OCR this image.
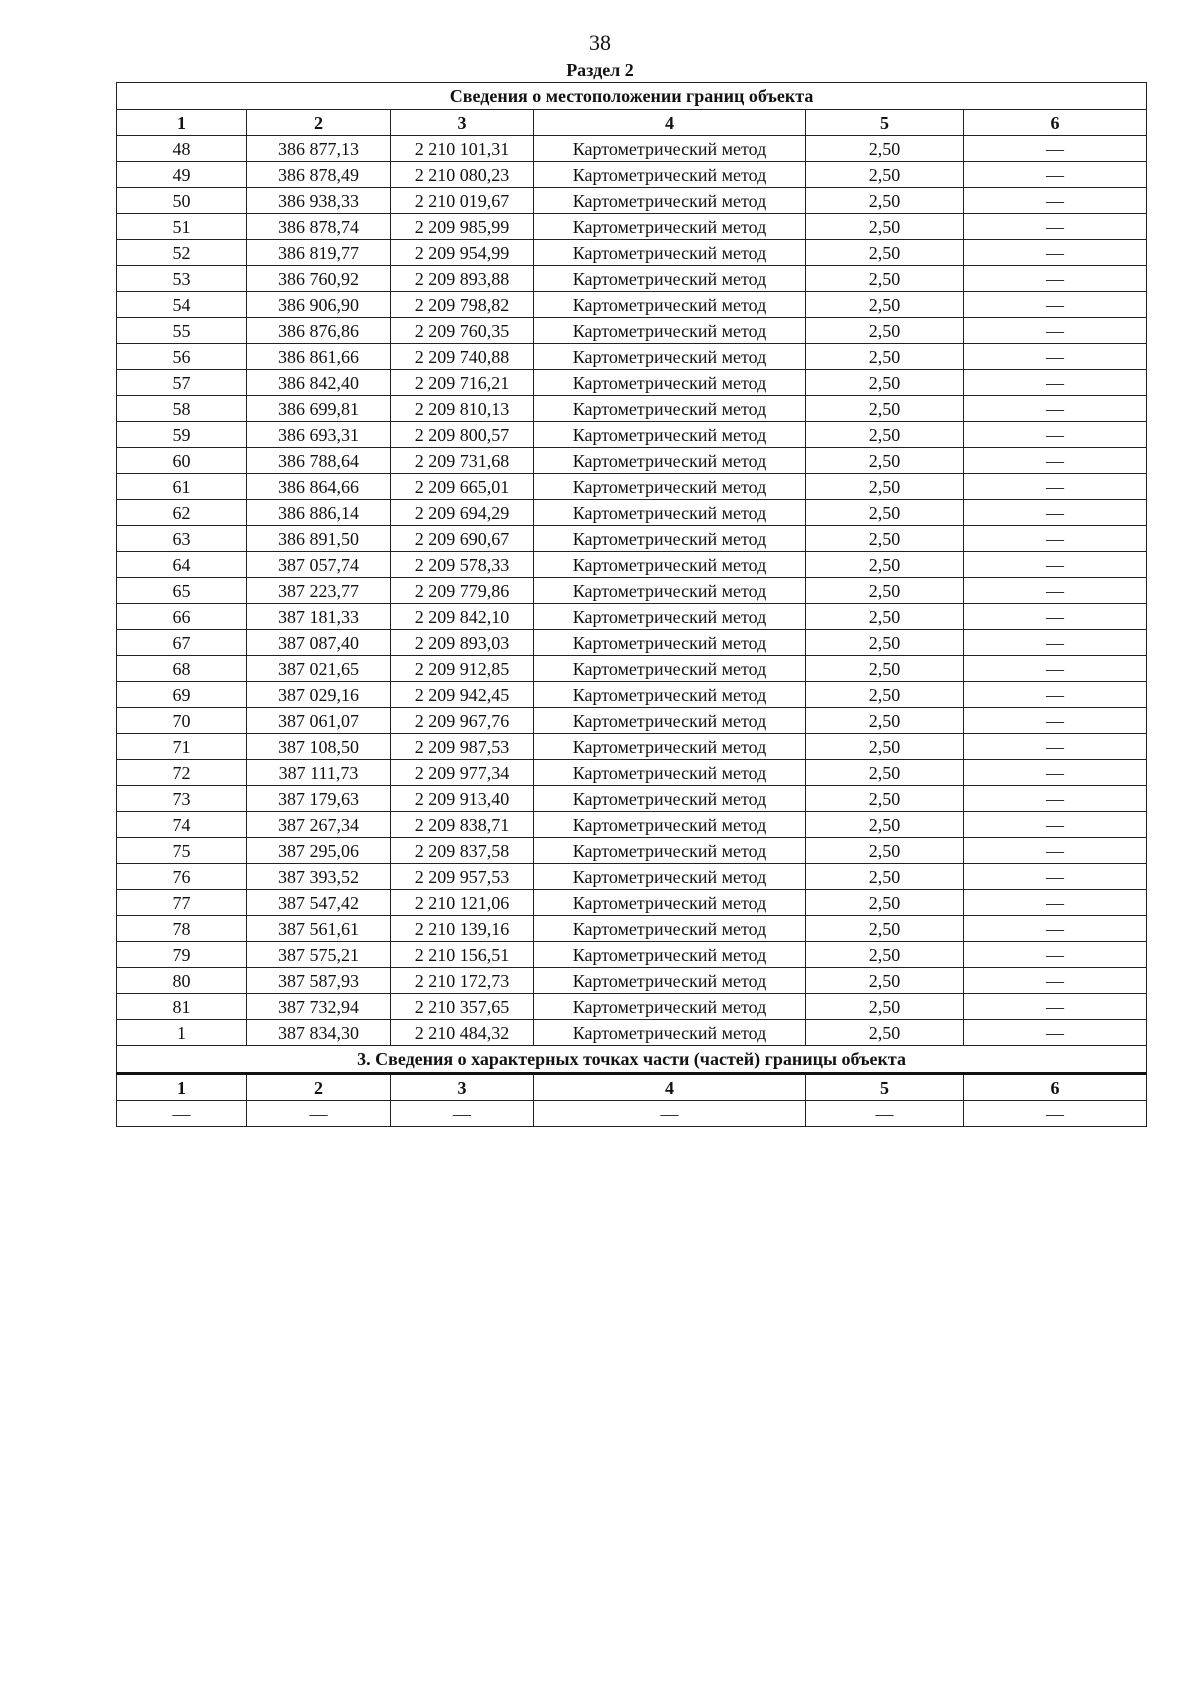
38
Раздел 2
Сведения о местоположении границ объекта					
1	2	3	4	5	6
48	386 877,13	2 210 101,31	Картометрический метод	2,50	—
49	386 878,49	2 210 080,23	Картометрический метод	2,50	—
50	386 938,33	2 210 019,67	Картометрический метод	2,50	—
51	386 878,74	2 209 985,99	Картометрический метод	2,50	—
52	386 819,77	2 209 954,99	Картометрический метод	2,50	—
53	386 760,92	2 209 893,88	Картометрический метод	2,50	—
54	386 906,90	2 209 798,82	Картометрический метод	2,50	—
55	386 876,86	2 209 760,35	Картометрический метод	2,50	—
56	386 861,66	2 209 740,88	Картометрический метод	2,50	—
57	386 842,40	2 209 716,21	Картометрический метод	2,50	—
58	386 699,81	2 209 810,13	Картометрический метод	2,50	—
59	386 693,31	2 209 800,57	Картометрический метод	2,50	—
60	386 788,64	2 209 731,68	Картометрический метод	2,50	—
61	386 864,66	2 209 665,01	Картометрический метод	2,50	—
62	386 886,14	2 209 694,29	Картометрический метод	2,50	—
63	386 891,50	2 209 690,67	Картометрический метод	2,50	—
64	387 057,74	2 209 578,33	Картометрический метод	2,50	—
65	387 223,77	2 209 779,86	Картометрический метод	2,50	—
66	387 181,33	2 209 842,10	Картометрический метод	2,50	—
67	387 087,40	2 209 893,03	Картометрический метод	2,50	—
68	387 021,65	2 209 912,85	Картометрический метод	2,50	—
69	387 029,16	2 209 942,45	Картометрический метод	2,50	—
70	387 061,07	2 209 967,76	Картометрический метод	2,50	—
71	387 108,50	2 209 987,53	Картометрический метод	2,50	—
72	387 111,73	2 209 977,34	Картометрический метод	2,50	—
73	387 179,63	2 209 913,40	Картометрический метод	2,50	—
74	387 267,34	2 209 838,71	Картометрический метод	2,50	—
75	387 295,06	2 209 837,58	Картометрический метод	2,50	—
76	387 393,52	2 209 957,53	Картометрический метод	2,50	—
77	387 547,42	2 210 121,06	Картометрический метод	2,50	—
78	387 561,61	2 210 139,16	Картометрический метод	2,50	—
79	387 575,21	2 210 156,51	Картометрический метод	2,50	—
80	387 587,93	2 210 172,73	Картометрический метод	2,50	—
81	387 732,94	2 210 357,65	Картометрический метод	2,50	—
1	387 834,30	2 210 484,32	Картометрический метод	2,50	—
3. Сведения о характерных точках части (частей) границы объекта					
1	2	3	4	5	6
—	—	—	—	—	—
